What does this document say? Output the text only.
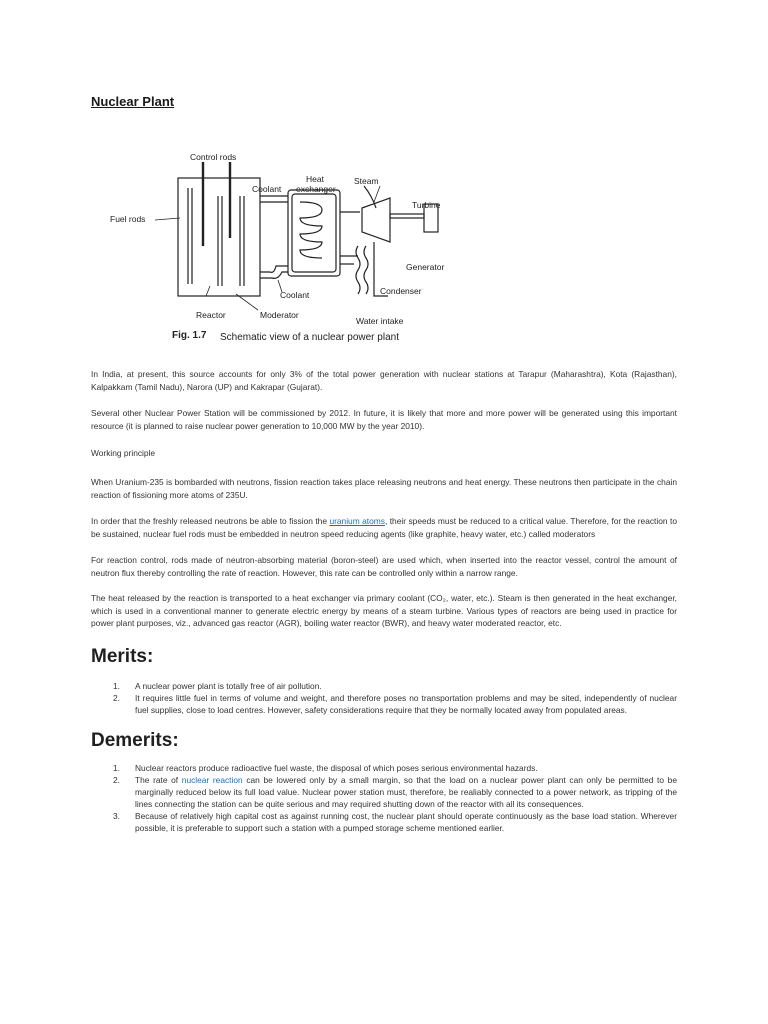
Nuclear Plant
Control rods
Heat
exchanger
Steam
Coolant
Fuel rods
Turbine
Generator
Coolant	Condenser
Reactor	Moderator
Water intake
Fig. 1.7 Schematic view of a nuclear power plant
In India, at present, this source accounts for only 3% of the total power generation with nuclear stations at Tarapur (Maharashtra), Kota (Rajasthan), Kalpakkam (Tamil Nadu), Narora (UP) and Kakrapar (Gujarat).
Several other Nuclear Power Station will be commissioned by 2012. In future, it is likely that more and more power will be generated using this important resource (it is planned to raise nuclear power generation to 10,000 MW by the year 2010).
Working principle
When Uranium-235 is bombarded with neutrons, fission reaction takes place releasing neutrons and heat energy. These neutrons then participate in the chain reaction of fissioning more atoms of 235U.
In order that the freshly released neutrons be able to fission the uranium atoms, their speeds must be reduced to a critical value. Therefore, for the reaction to be sustained, nuclear fuel rods must be embedded in neutron speed reducing agents (like graphite, heavy water, etc.) called moderators
For reaction control, rods made of neutron-absorbing material (boron-steel) are used which, when inserted into the reactor vessel, control the amount of neutron flux thereby controlling the rate of reaction. However, this rate can be controlled only within a narrow range.
The heat released by the reaction is transported to a heat exchanger via primary coolant (CO₂, water, etc.). Steam is then generated in the heat exchanger, which is used in a conventional manner to generate electric energy by means of a steam turbine. Various types of reactors are being used in practice for power plant purposes, viz., advanced gas reactor (AGR), boiling water reactor (BWR), and heavy water moderated reactor, etc.
Merits:
1.	A nuclear power plant is totally free of air pollution.
2.	It requires little fuel in terms of volume and weight, and therefore poses no transportation problems and may be sited, independently of nuclear fuel supplies, close to load centres. However, safety considerations require that they be normally located away from populated areas.
Demerits:
1.	Nuclear reactors produce radioactive fuel waste, the disposal of which poses serious environmental hazards.
2.	The rate of nuclear reaction can be lowered only by a small margin, so that the load on a nuclear power plant can only be permitted to be marginally reduced below its full load value. Nuclear power station must, therefore, be realiably connected to a power network, as tripping of the lines connecting the station can be quite serious and may required shutting down of the reactor with all its consequences.
3.	Because of relatively high capital cost as against running cost, the nuclear plant should operate continuously as the base load station. Wherever possible, it is preferable to support such a station with a pumped storage scheme mentioned earlier.
